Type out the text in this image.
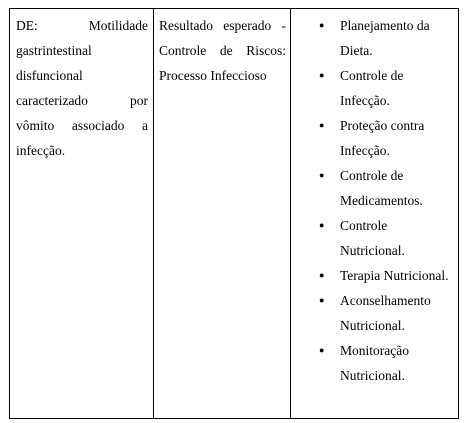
DE: Motilidade gastrintestinal disfuncional caracterizado por vômito associado a infecção.
Resultado esperado - Controle de Riscos: Processo Infeccioso
● Planejamento da Dieta.
● Controle de Infecção.
● Proteção contra Infecção.
● Controle de Medicamentos.
● Controle Nutricional.
● Terapia Nutricional.
● Aconselhamento Nutricional.
● Monitoração Nutricional.
